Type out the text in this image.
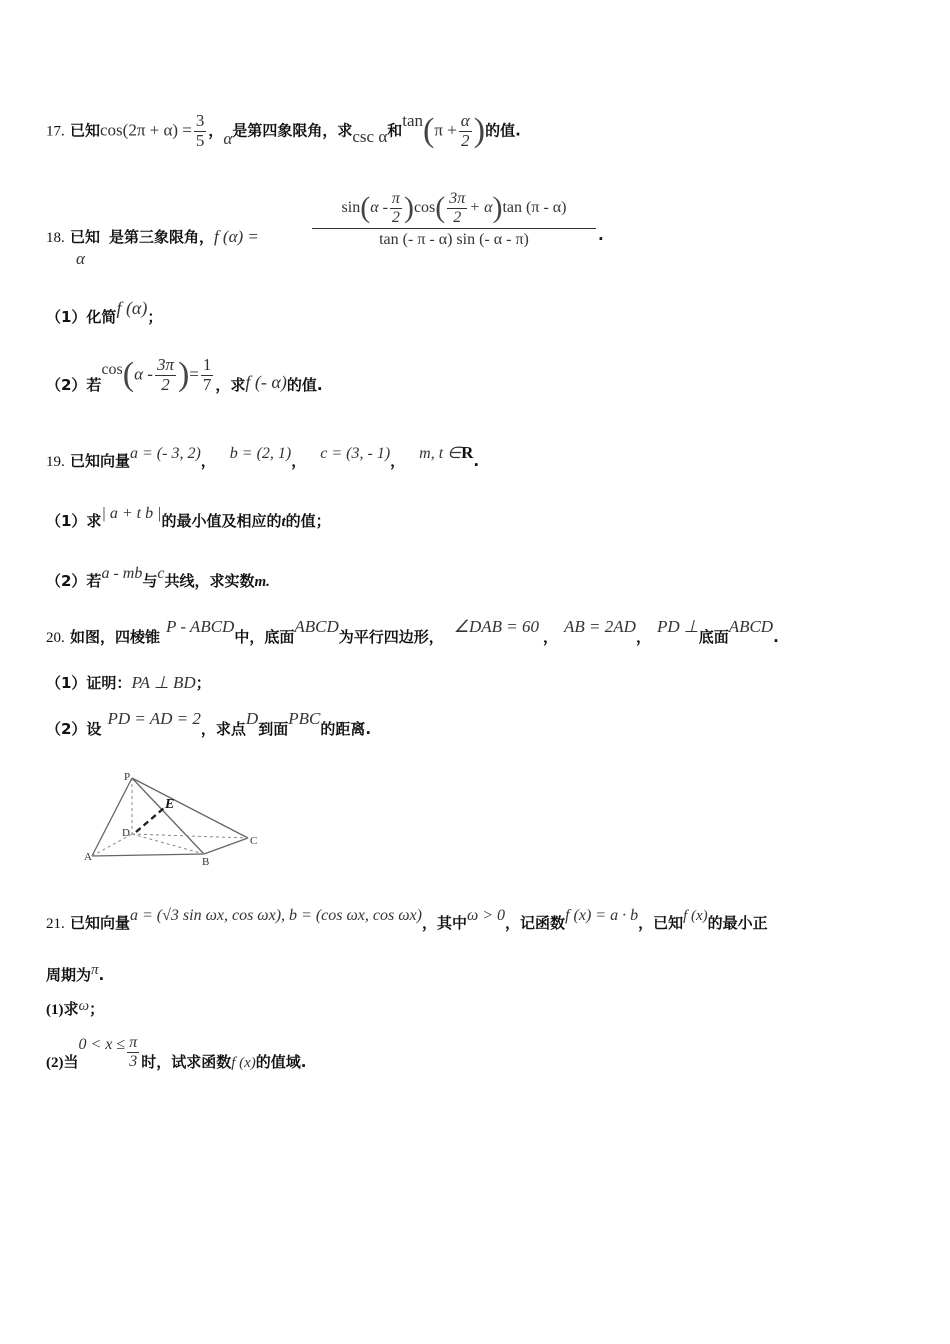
17. 已知$\cos(2\pi + \alpha) = \frac{3}{5}$ ，α是第四象限角，求csc α和$\tan(\pi + \frac{\alpha}{2}$ )的值.
18. 已知α是第三象限角，f (α) =	$\frac{\sin(\alpha - \frac{\pi}{2} )\cos( \frac{3\pi}{2} + \alpha)\tan (\pi - \alpha)}{\tan (- \pi - \alpha) \sin (- \alpha - \pi)}$ .
（1）化简f (α)；
（2）若$\cos(\alpha - \frac{3\pi}{2}$ )= $\frac{1}{7}$ ，求f (- α)的值.
19. 已知向量a = (- 3, 2)， b = (2, 1)， c = (3, - 1)， m, t ∈R.
（1）求| a + t b |的最小值及相应的t的值；
（2）若a - mb与c共线，求实数m.
20. 如图，四棱锥P - ABCD中，底面ABCD为平行四边形，∠DAB = 60，AB = 2AD，PD ⊥底面ABCD.
（1）证明：PA ⊥ BD；
（2）设PD = AD = 2，求点D到面PBC的距离.
P
E
D
A	B
C
21. 已知向量a = (√3 sin ωx, cos ωx), b = (cos ωx, cos ωx)，其中ω > 0，记函数f (x) = a · b，已知f (x)的最小正
周期为π.
(1)求ω；
(2)当$0 < x \le \frac{\pi}{3}$ 时，试求函数f (x)的值域.
